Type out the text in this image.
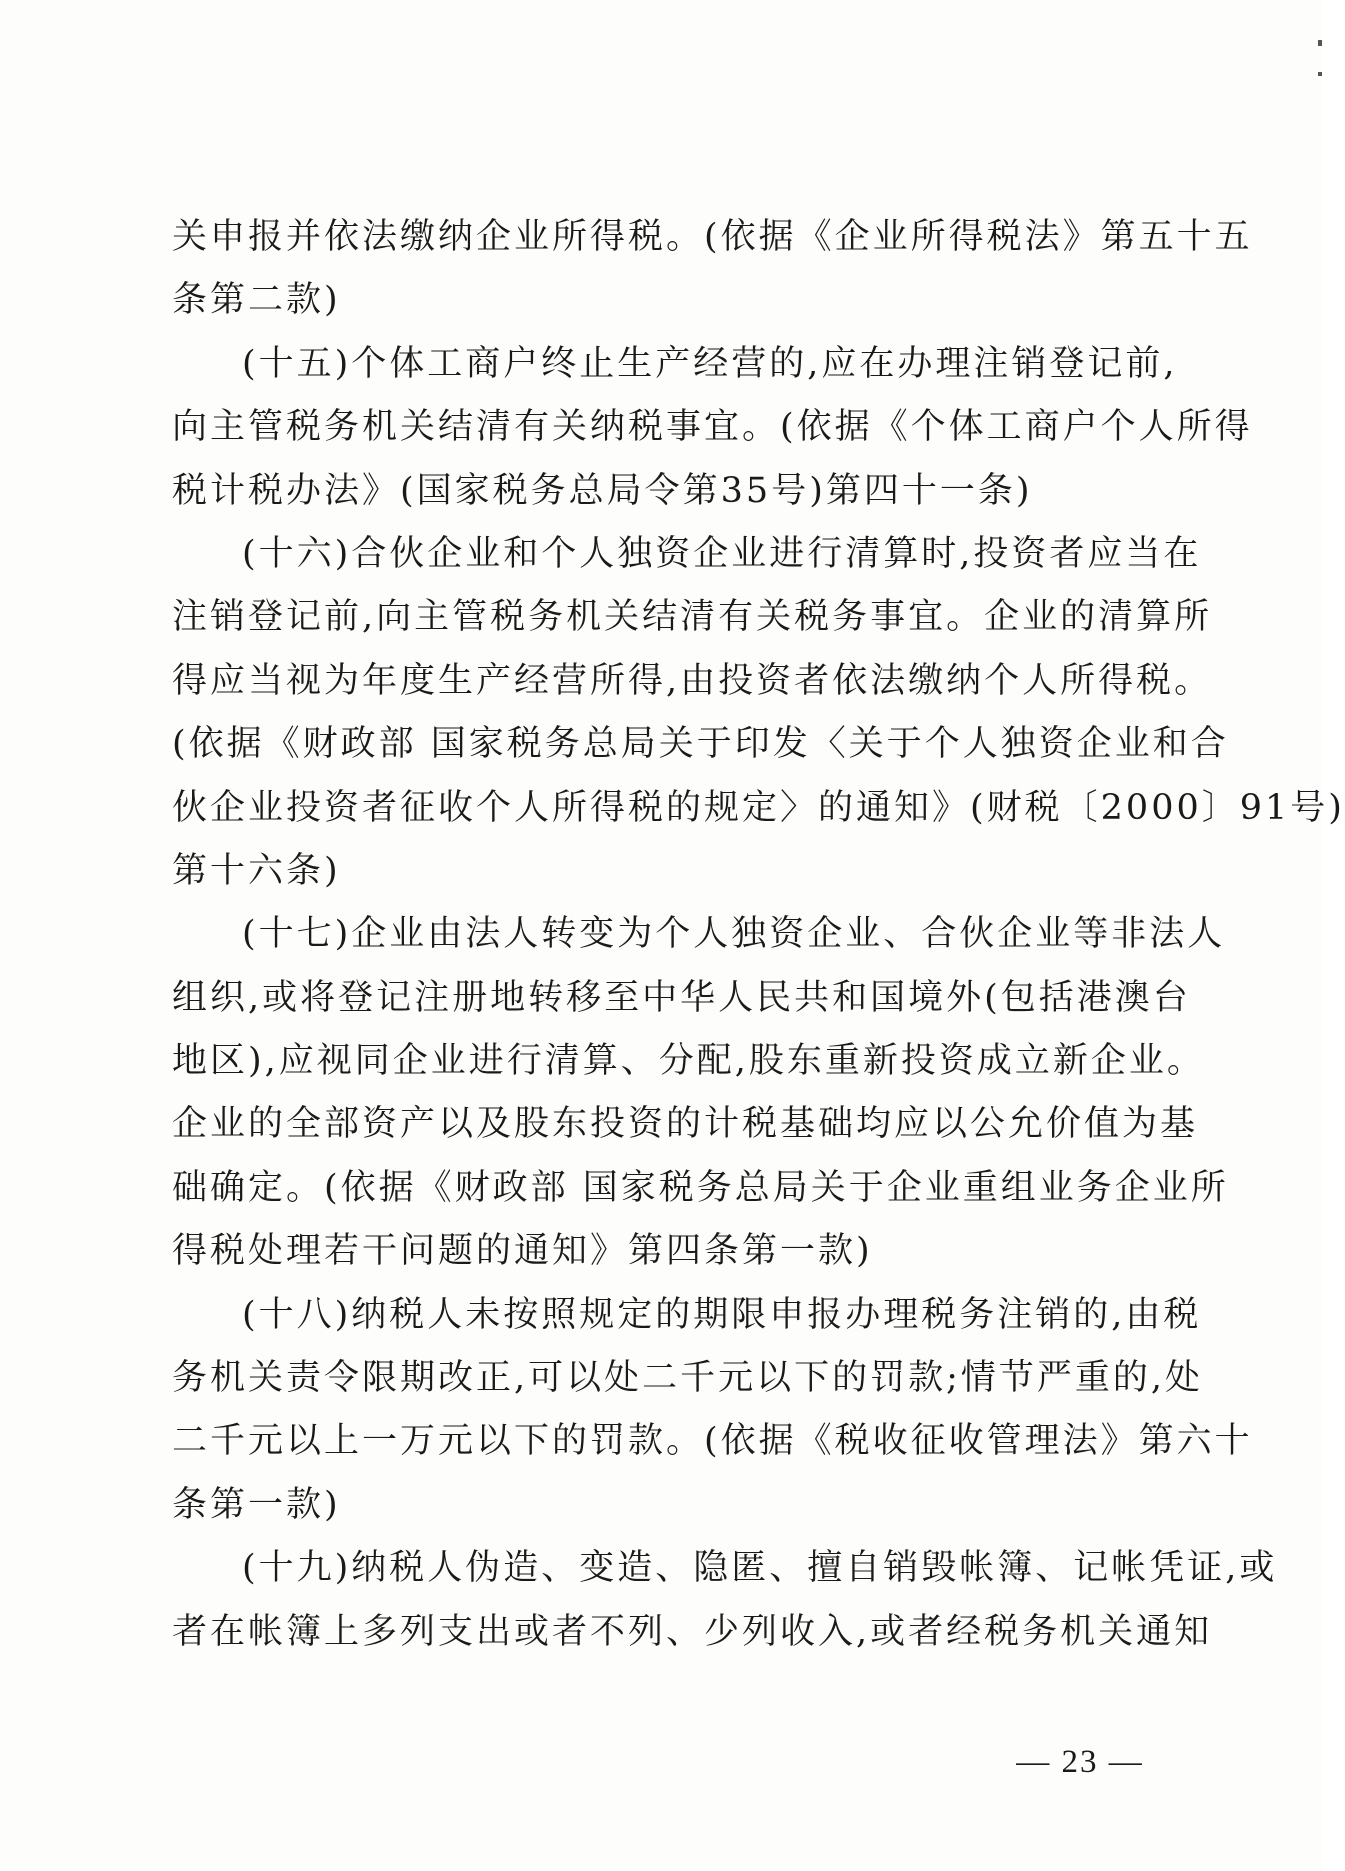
关申报并依法缴纳企业所得税。(依据《企业所得税法》第五十五
条第二款)
(十五)个体工商户终止生产经营的,应在办理注销登记前,
向主管税务机关结清有关纳税事宜。(依据《个体工商户个人所得
税计税办法》(国家税务总局令第35号)第四十一条)
(十六)合伙企业和个人独资企业进行清算时,投资者应当在
注销登记前,向主管税务机关结清有关税务事宜。企业的清算所
得应当视为年度生产经营所得,由投资者依法缴纳个人所得税。
(依据《财政部 国家税务总局关于印发〈关于个人独资企业和合
伙企业投资者征收个人所得税的规定〉的通知》(财税〔2000〕91号)
第十六条)
(十七)企业由法人转变为个人独资企业、合伙企业等非法人
组织,或将登记注册地转移至中华人民共和国境外(包括港澳台
地区),应视同企业进行清算、分配,股东重新投资成立新企业。
企业的全部资产以及股东投资的计税基础均应以公允价值为基
础确定。(依据《财政部 国家税务总局关于企业重组业务企业所
得税处理若干问题的通知》第四条第一款)
(十八)纳税人未按照规定的期限申报办理税务注销的,由税
务机关责令限期改正,可以处二千元以下的罚款;情节严重的,处
二千元以上一万元以下的罚款。(依据《税收征收管理法》第六十
条第一款)
(十九)纳税人伪造、变造、隐匿、擅自销毁帐簿、记帐凭证,或
者在帐簿上多列支出或者不列、少列收入,或者经税务机关通知
— 23 —
